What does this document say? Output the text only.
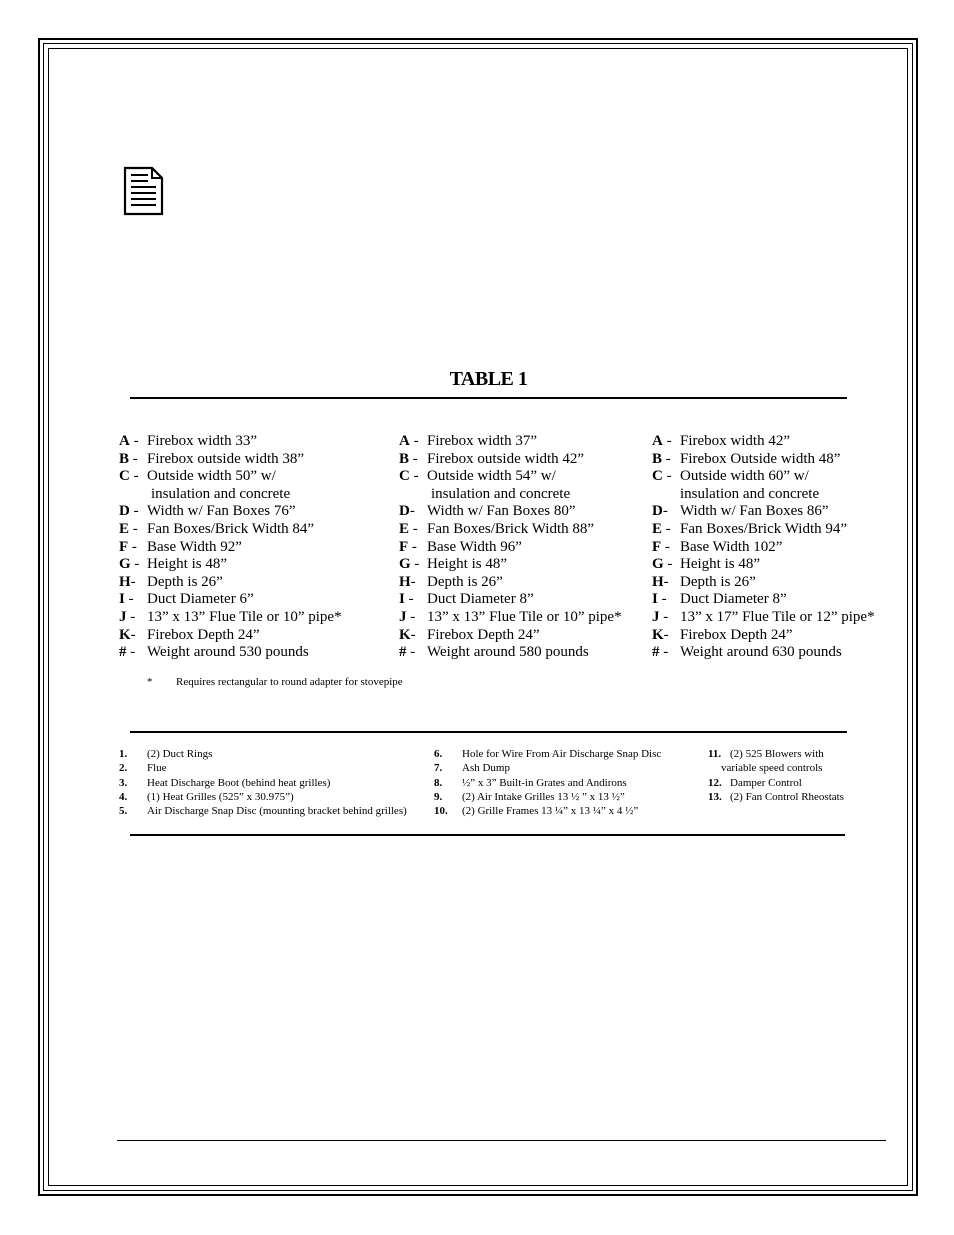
TABLE 1
A - Firebox width 33”
B - Firebox outside width 38”
C - Outside width 50” w/
insulation and concrete
D - Width w/ Fan Boxes 76”
E - Fan Boxes/Brick Width 84”
F - Base Width 92”
G - Height is 48”
H- Depth is 26”
I - Duct Diameter 6”
J - 13” x 13” Flue Tile or 10” pipe*
K- Firebox Depth 24”
# - Weight around 530 pounds
A - Firebox width 37”
B - Firebox outside width 42”
C - Outside width 54” w/
insulation and concrete
D- Width w/ Fan Boxes 80”
E - Fan Boxes/Brick Width 88”
F - Base Width 96”
G - Height is 48”
H- Depth is 26”
I - Duct Diameter 8”
J - 13” x 13” Flue Tile or 10” pipe*
K- Firebox Depth 24”
# - Weight around 580 pounds
A - Firebox width 42”
B - Firebox Outside width 48”
C - Outside width 60” w/
insulation and concrete
D- Width w/ Fan Boxes 86”
E - Fan Boxes/Brick Width 94”
F - Base Width 102”
G - Height is 48”
H- Depth is 26”
I - Duct Diameter 8”
J - 13” x 17” Flue Tile or 12” pipe*
K- Firebox Depth 24”
# - Weight around 630 pounds
* Requires rectangular to round adapter for stovepipe
1.	(2) Duct Rings
2.	Flue
3.	Heat Discharge Boot (behind heat grilles)
4.	(1) Heat Grilles (525” x 30.975”)
5.	Air Discharge Snap Disc (mounting bracket behind grilles)
6.	Hole for Wire From Air Discharge Snap Disc
7.	Ash Dump
8.	½” x 3” Built-in Grates and Andirons
9.	(2) Air Intake Grilles 13 ½ ” x 13 ½”
10.	(2) Grille Frames 13 ¼” x 13 ¼” x 4 ½”
11. (2) 525 Blowers with
variable speed controls
12. Damper Control
13. (2) Fan Control Rheostats
